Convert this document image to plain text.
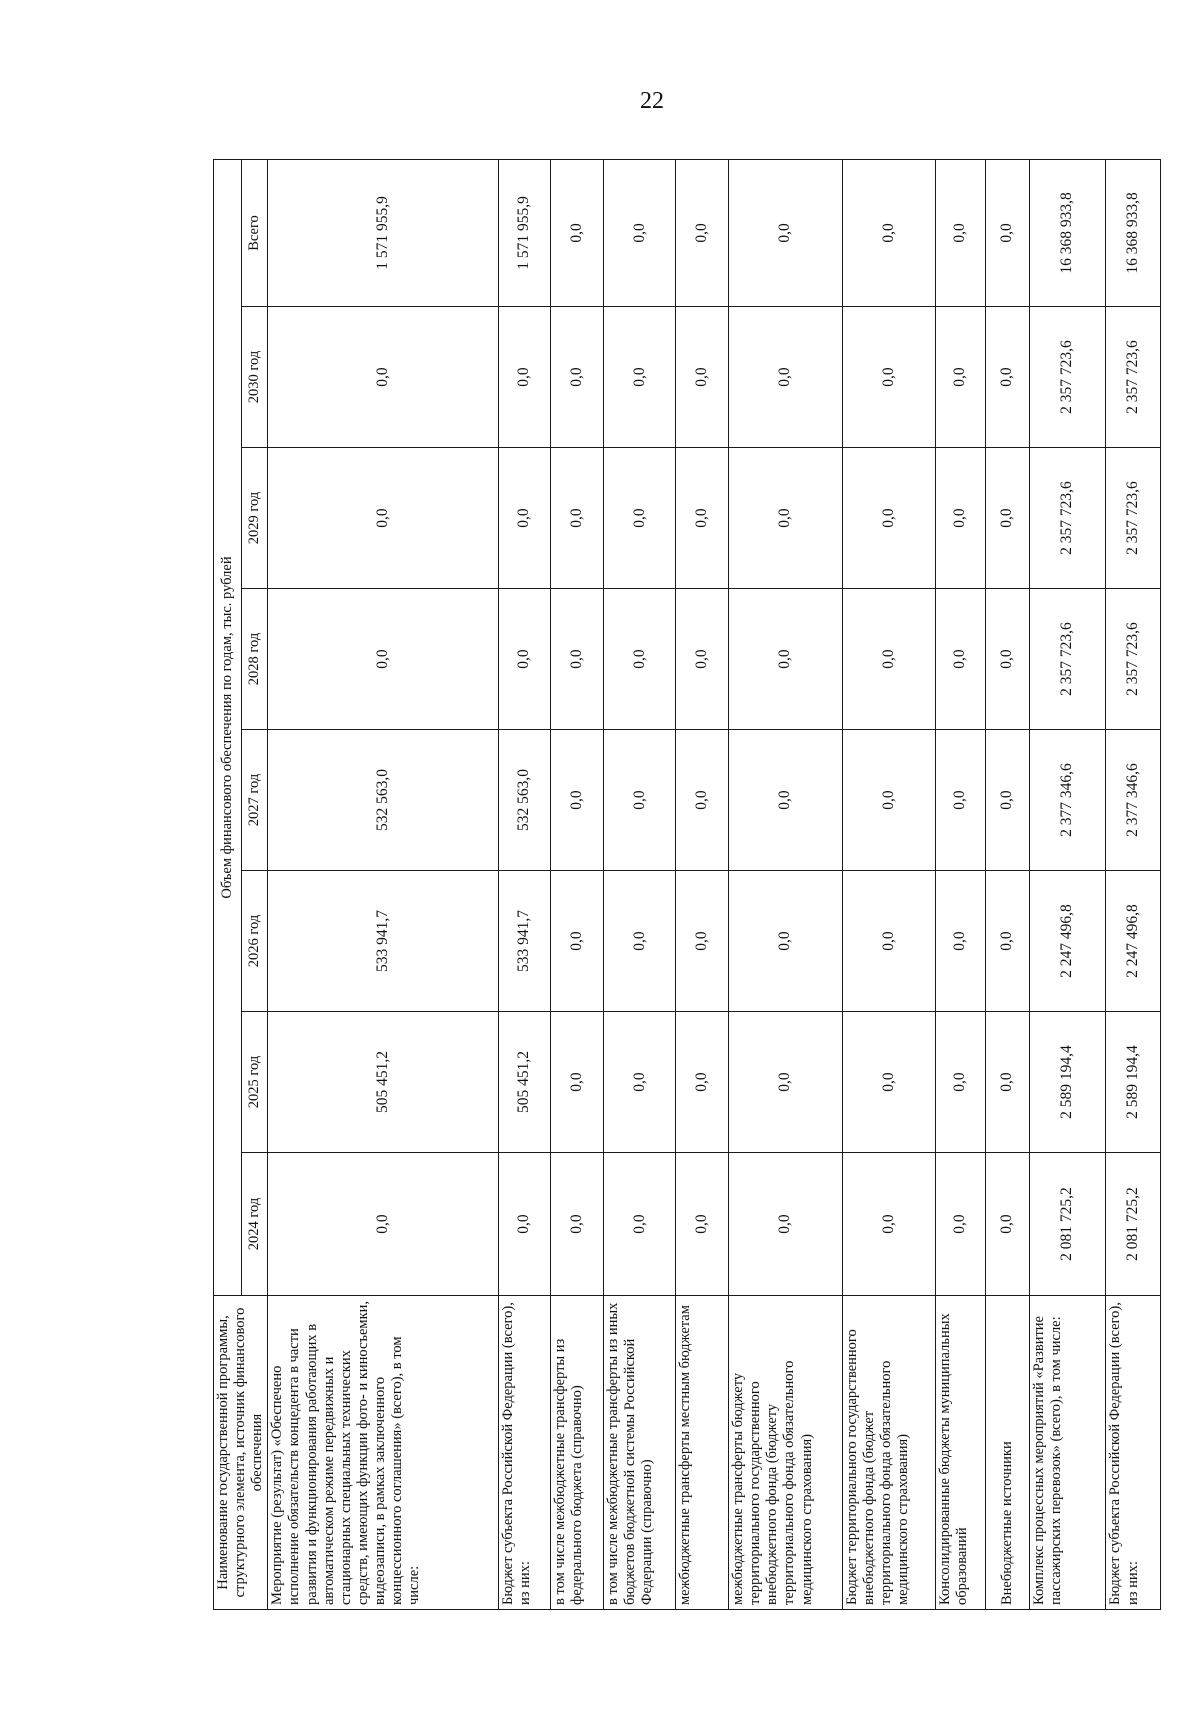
22
Наименование государственной программы, структурного элемента, источник финансового обеспечения	Объем финансового обеспечения по годам, тыс. рублей							
	2024 год	2025 год	2026 год	2027 год	2028 год	2029 год	2030 год	Всего
Мероприятие (результат) «Обеспечено исполнение обязательств концедента в части развития и функционирования работающих в автоматическом режиме передвижных и стационарных специальных технических средств, имеющих функции фото- и киносъемки, видеозаписи, в рамках заключенного концессионного соглашения» (всего), в том числе:	0,0	505 451,2	533 941,7	532 563,0	0,0	0,0	0,0	1 571 955,9
Бюджет субъекта Российской Федерации (всего), из них:	0,0	505 451,2	533 941,7	532 563,0	0,0	0,0	0,0	1 571 955,9
в том числе межбюджетные трансферты из федерального бюджета (справочно)	0,0	0,0	0,0	0,0	0,0	0,0	0,0	0,0
в том числе межбюджетные трансферты из иных бюджетов бюджетной системы Российской Федерации (справочно)	0,0	0,0	0,0	0,0	0,0	0,0	0,0	0,0
межбюджетные трансферты местным бюджетам	0,0	0,0	0,0	0,0	0,0	0,0	0,0	0,0
межбюджетные трансферты бюджету территориального государственного внебюджетного фонда (бюджету территориального фонда обязательного медицинского страхования)	0,0	0,0	0,0	0,0	0,0	0,0	0,0	0,0
Бюджет территориального государственного внебюджетного фонда (бюджет территориального фонда обязательного медицинского страхования)	0,0	0,0	0,0	0,0	0,0	0,0	0,0	0,0
Консолидированные бюджеты муниципальных образований	0,0	0,0	0,0	0,0	0,0	0,0	0,0	0,0
Внебюджетные источники	0,0	0,0	0,0	0,0	0,0	0,0	0,0	0,0
Комплекс процессных мероприятий «Развитие пассажирских перевозок» (всего), в том числе:	2 081 725,2	2 589 194,4	2 247 496,8	2 377 346,6	2 357 723,6	2 357 723,6	2 357 723,6	16 368 933,8
Бюджет субъекта Российской Федерации (всего), из них:	2 081 725,2	2 589 194,4	2 247 496,8	2 377 346,6	2 357 723,6	2 357 723,6	2 357 723,6	16 368 933,8
